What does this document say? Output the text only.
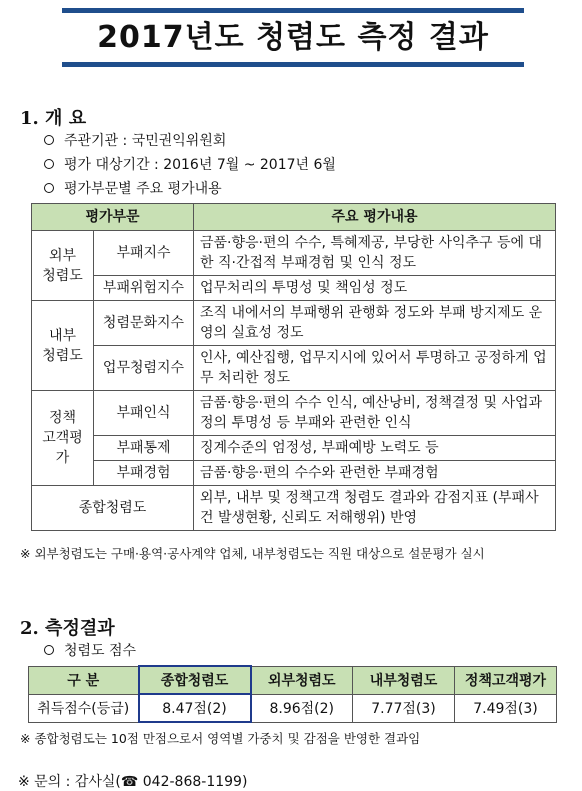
2017년도 청렴도 측정 결과
1. 개 요
주관기관 : 국민권익위원회
평가 대상기간 : 2016년 7월 ~ 2017년 6월
평가부문별 주요 평가내용
평가부문		주요 평가내용
외부
청렴도	부패지수	금품·향응·편의 수수, 특혜제공, 부당한 사익추구 등에 대한 직·간접적 부패경험 및 인식 정도
	부패위험지수	업무처리의 투명성 및 책임성 정도
내부
청렴도	청렴문화지수	조직 내에서의 부패행위 관행화 정도와 부패 방지제도 운영의 실효성 정도
	업무청렴지수	인사, 예산집행, 업무지시에 있어서 투명하고 공정하게 업무 처리한 정도
정책
고객평
가	부패인식	금품·향응·편의 수수 인식, 예산낭비, 정책결정 및 사업과정의 투명성 등 부패와 관련한 인식
	부패통제	징계수준의 엄정성, 부패예방 노력도 등
	부패경험	금품·향응·편의 수수와 관련한 부패경험
종합청렴도		외부, 내부 및 정책고객 청렴도 결과와 감점지표 (부패사건 발생현황, 신뢰도 저해행위) 반영
※ 외부청렴도는 구매·용역·공사계약 업체, 내부청렴도는 직원 대상으로 설문평가 실시
2. 측정결과
청렴도 점수
구 분	종합청렴도	외부청렴도	내부청렴도	정책고객평가
취득점수(등급)	8.47점(2)	8.96점(2)	7.77점(3)	7.49점(3)
※ 종합청렴도는 10점 만점으로서 영역별 가중치 및 감점을 반영한 결과임
※ 문의 : 감사실(☎ 042-868-1199)
